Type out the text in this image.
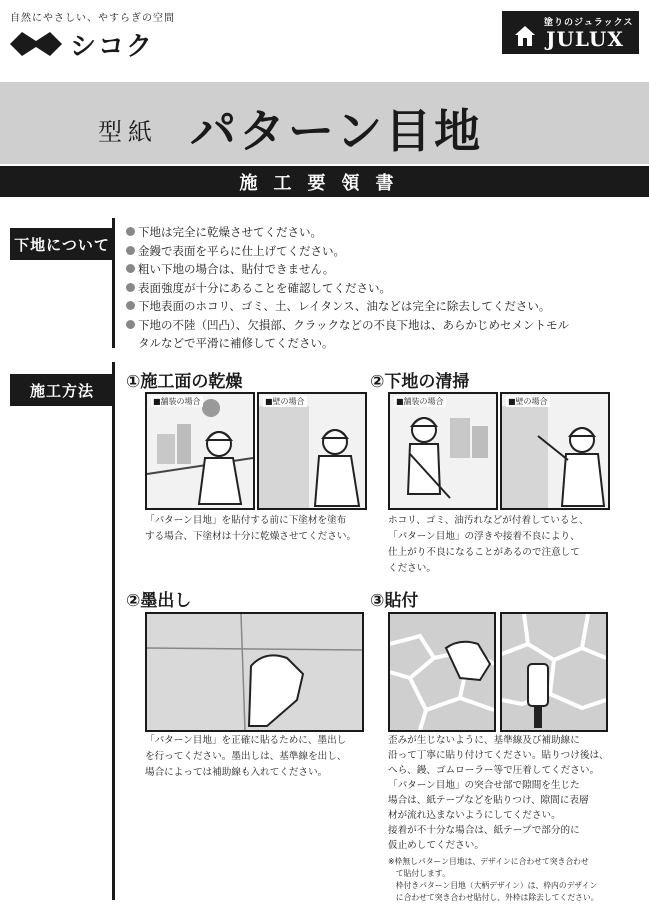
自然にやさしい、やすらぎの空間
シコク
塗りのジュラックス
JULUX
型紙 パターン目地
施工要領書
下地について
下地は完全に乾燥させてください。
金鏝で表面を平らに仕上げてください。
粗い下地の場合は、貼付できません。
表面強度が十分にあることを確認してください。
下地表面のホコリ、ゴミ、土、レイタンス、油などは完全に除去してください。
下地の不陸（凹凸）、欠損部、クラックなどの不良下地は、あらかじめセメントモル
タルなどで平滑に補修してください。
施工方法 ①施工面の乾燥
■舗装の場合	■壁の場合
「パターン目地」を貼付する前に下塗材を塗布
する場合、下塗材は十分に乾燥させてください。
②下地の清掃
■舗装の場合	■壁の場合
ホコリ、ゴミ、油汚れなどが付着していると、
「パターン目地」の浮きや接着不良により、
仕上がり不良になることがあるので注意して
ください。
②墨出し
「パターン目地」を正確に貼るために、墨出し
を行ってください。墨出しは、基準線を出し、
場合によっては補助線も入れてください。
③貼付
歪みが生じないように、基準線及び補助線に
沿って丁寧に貼り付けてください。貼りつけ後は、
へら、鏝、ゴムローラー等で圧着してください。
「パターン目地」の突合せ部で隙間を生じた
場合は、紙テープなどを貼りつけ、隙間に表層
材が流れ込まないようにしてください。
接着が不十分な場合は、紙テープで部分的に
仮止めしてください。
※枠無しパターン目地は、デザインに合わせて突き合わせ
　て貼付します。
　枠付きパターン目地（大柄デザイン）は、枠内のデザイン
　に合わせて突き合わせ貼付し、外枠は除去してください。
